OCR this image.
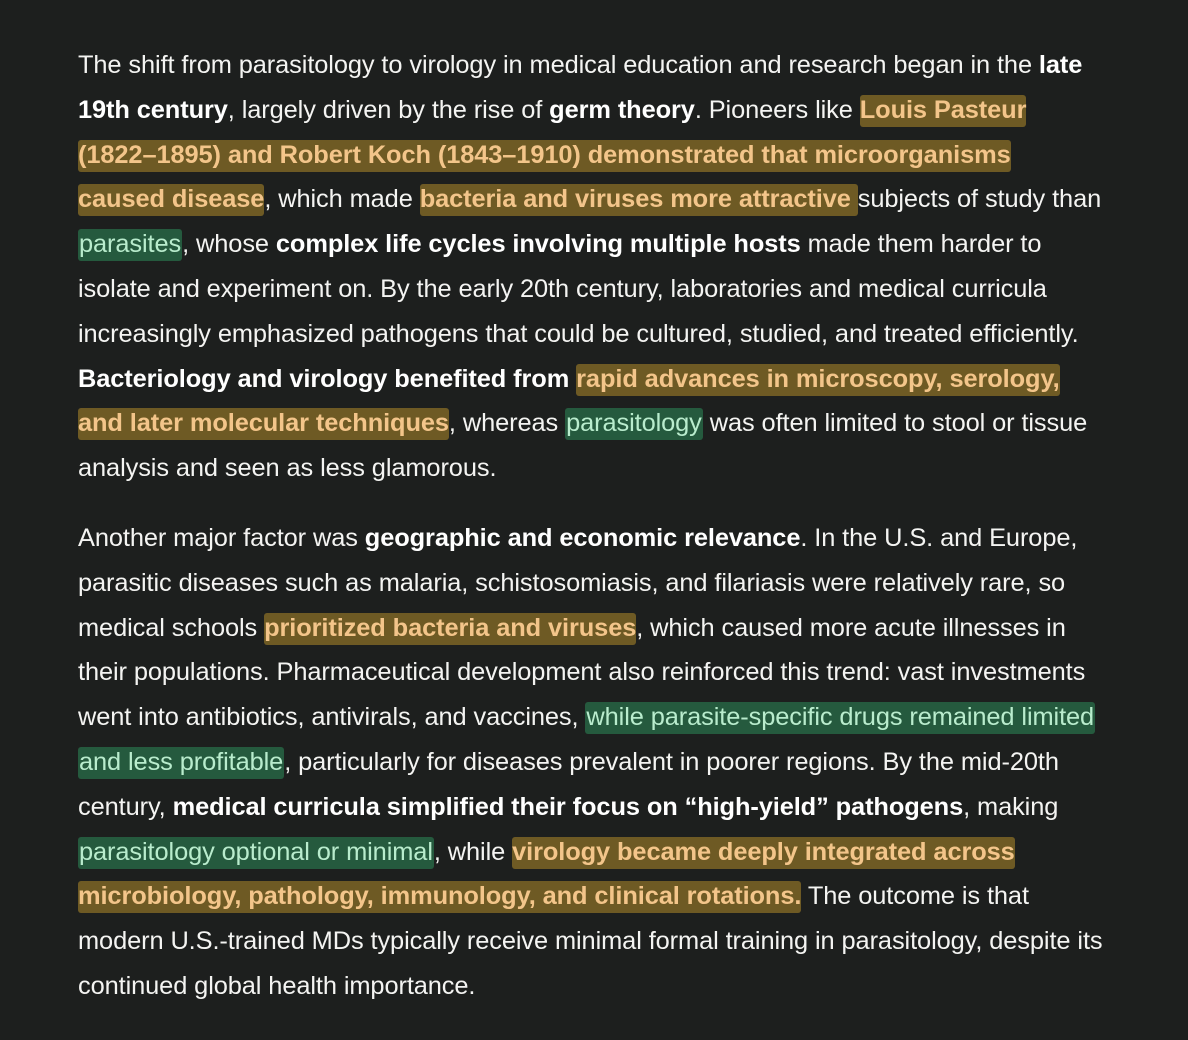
The shift from parasitology to virology in medical education and research began in the late 19th century, largely driven by the rise of germ theory. Pioneers like Louis Pasteur (1822–1895) and Robert Koch (1843–1910) demonstrated that microorganisms caused disease, which made bacteria and viruses more attractive subjects of study than parasites, whose complex life cycles involving multiple hosts made them harder to isolate and experiment on. By the early 20th century, laboratories and medical curricula increasingly emphasized pathogens that could be cultured, studied, and treated efficiently. Bacteriology and virology benefited from rapid advances in microscopy, serology, and later molecular techniques, whereas parasitology was often limited to stool or tissue analysis and seen as less glamorous.

Another major factor was geographic and economic relevance. In the U.S. and Europe, parasitic diseases such as malaria, schistosomiasis, and filariasis were relatively rare, so medical schools prioritized bacteria and viruses, which caused more acute illnesses in their populations. Pharmaceutical development also reinforced this trend: vast investments went into antibiotics, antivirals, and vaccines, while parasite-specific drugs remained limited and less profitable, particularly for diseases prevalent in poorer regions. By the mid-20th century, medical curricula simplified their focus on “high-yield” pathogens, making parasitology optional or minimal, while virology became deeply integrated across microbiology, pathology, immunology, and clinical rotations. The outcome is that modern U.S.-trained MDs typically receive minimal formal training in parasitology, despite its continued global health importance.
